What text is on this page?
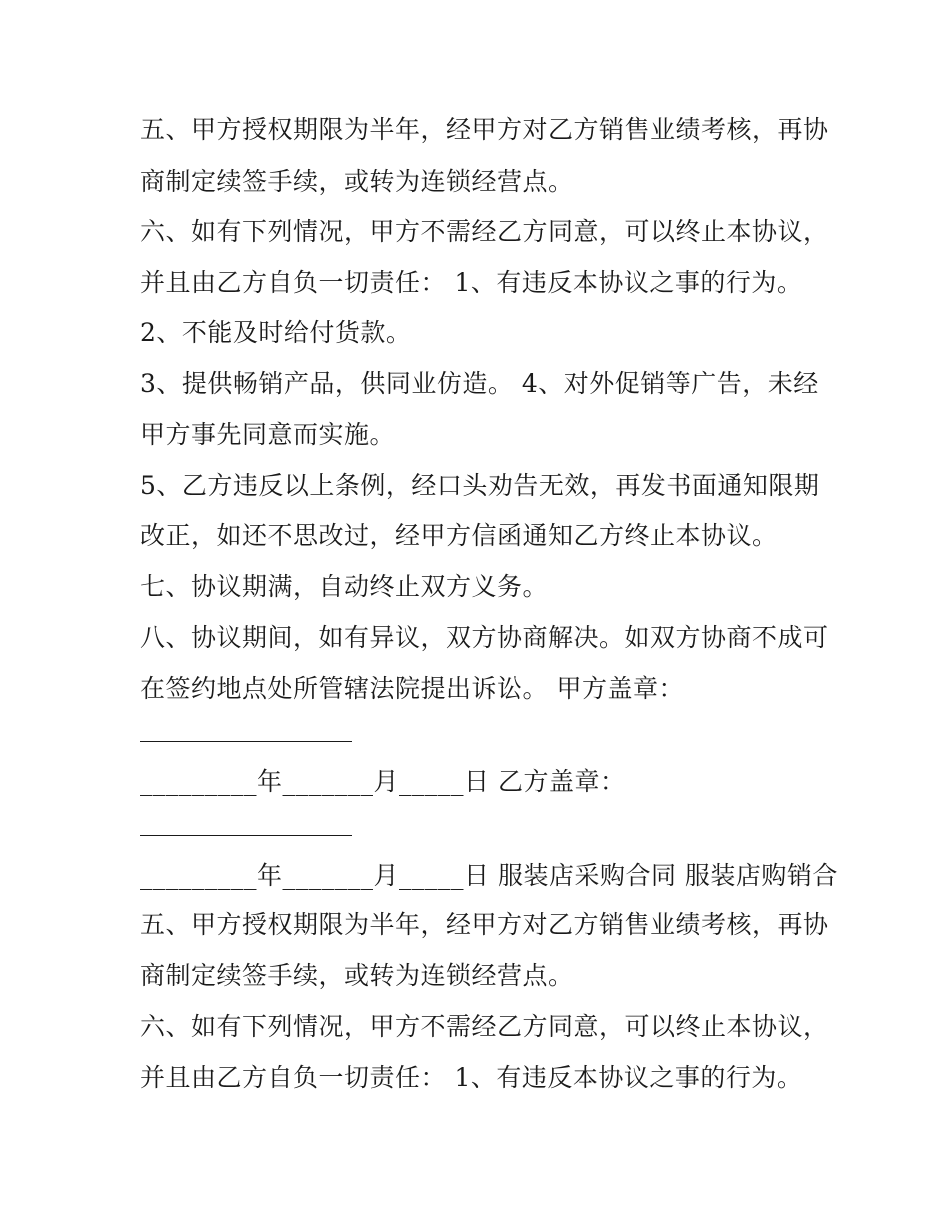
五、甲方授权期限为半年，经甲方对乙方销售业绩考核，再协
商制定续签手续，或转为连锁经营点。
六、如有下列情况，甲方不需经乙方同意，可以终止本协议，
并且由乙方自负一切责任： 1、有违反本协议之事的行为。
2、不能及时给付货款。
3、提供畅销产品，供同业仿造。 4、对外促销等广告，未经
甲方事先同意而实施。
5、乙方违反以上条例，经口头劝告无效，再发书面通知限期
改正，如还不思改过，经甲方信函通知乙方终止本协议。
七、协议期满，自动终止双方义务。
八、协议期间，如有异议，双方协商解决。如双方协商不成可
在签约地点处所管辖法院提出诉讼。 甲方盖章：
_________年_______月_____日 乙方盖章：
_________年_______月_____日 服装店采购合同 服装店购销合
五、甲方授权期限为半年，经甲方对乙方销售业绩考核，再协
商制定续签手续，或转为连锁经营点。
六、如有下列情况，甲方不需经乙方同意，可以终止本协议，
并且由乙方自负一切责任： 1、有违反本协议之事的行为。
